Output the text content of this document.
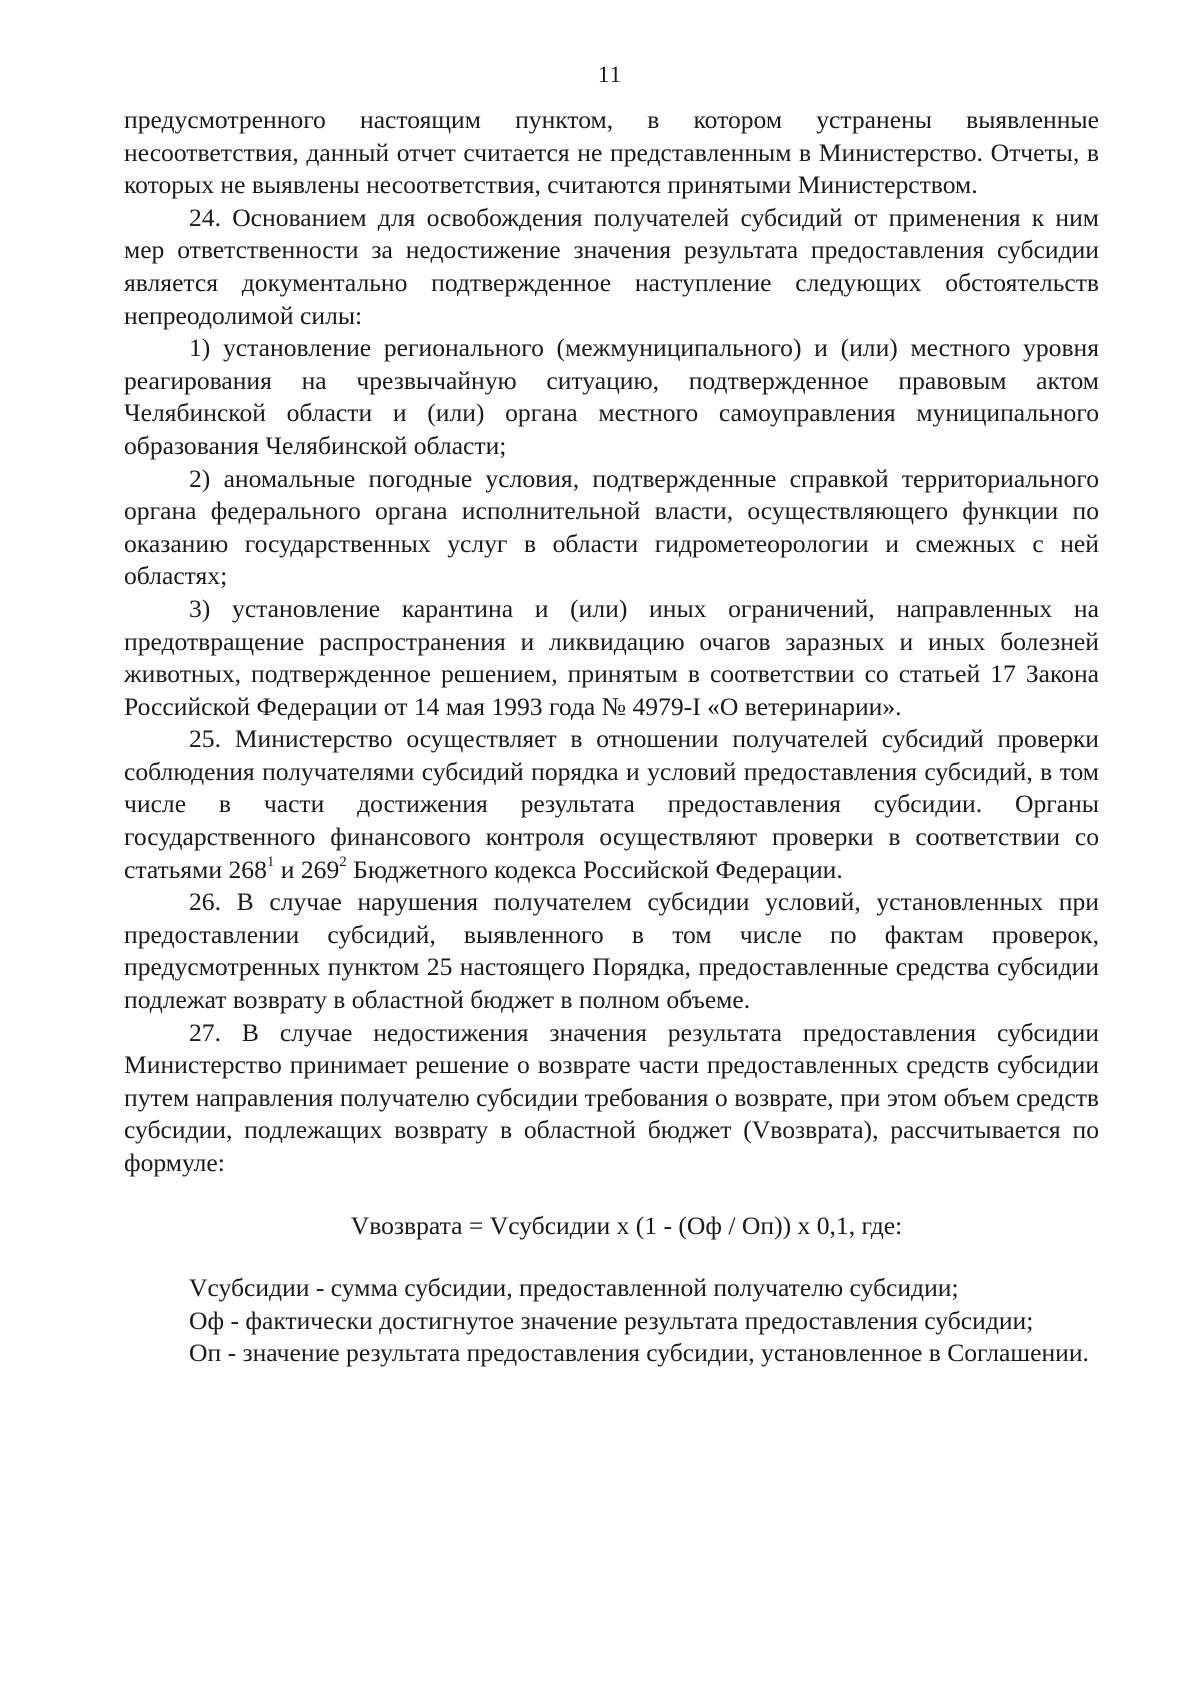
11

предусмотренного настоящим пунктом, в котором устранены выявленные несоответствия, данный отчет считается не представленным в Министерство. Отчеты, в которых не выявлены несоответствия, считаются принятыми Министерством.

24. Основанием для освобождения получателей субсидий от применения к ним мер ответственности за недостижение значения результата предоставления субсидии является документально подтвержденное наступление следующих обстоятельств непреодолимой силы:

1) установление регионального (межмуниципального) и (или) местного уровня реагирования на чрезвычайную ситуацию, подтвержденное правовым актом Челябинской области и (или) органа местного самоуправления муниципального образования Челябинской области;

2) аномальные погодные условия, подтвержденные справкой территориального органа федерального органа исполнительной власти, осуществляющего функции по оказанию государственных услуг в области гидрометеорологии и смежных с ней областях;

3) установление карантина и (или) иных ограничений, направленных на предотвращение распространения и ликвидацию очагов заразных и иных болезней животных, подтвержденное решением, принятым в соответствии со статьей 17 Закона Российской Федерации от 14 мая 1993 года № 4979-I «О ветеринарии».

25. Министерство осуществляет в отношении получателей субсидий проверки соблюдения получателями субсидий порядка и условий предоставления субсидий, в том числе в части достижения результата предоставления субсидии. Органы государственного финансового контроля осуществляют проверки в соответствии со статьями $268^1$ и $269^2$ Бюджетного кодекса Российской Федерации.

26. В случае нарушения получателем субсидии условий, установленных при предоставлении субсидий, выявленного в том числе по фактам проверок, предусмотренных пунктом 25 настоящего Порядка, предоставленные средства субсидии подлежат возврату в областной бюджет в полном объеме.

27. В случае недостижения значения результата предоставления субсидии Министерство принимает решение о возврате части предоставленных средств субсидии путем направления получателю субсидии требования о возврате, при этом объем средств субсидии, подлежащих возврату в областной бюджет (Vвозврата), рассчитывается по формуле:

Vвозврата = Vсубсидии x (1 - (Оф / Оп)) x 0,1, где:

Vсубсидии - сумма субсидии, предоставленной получателю субсидии;

Оф - фактически достигнутое значение результата предоставления субсидии;

Оп - значение результата предоставления субсидии, установленное в Соглашении.
